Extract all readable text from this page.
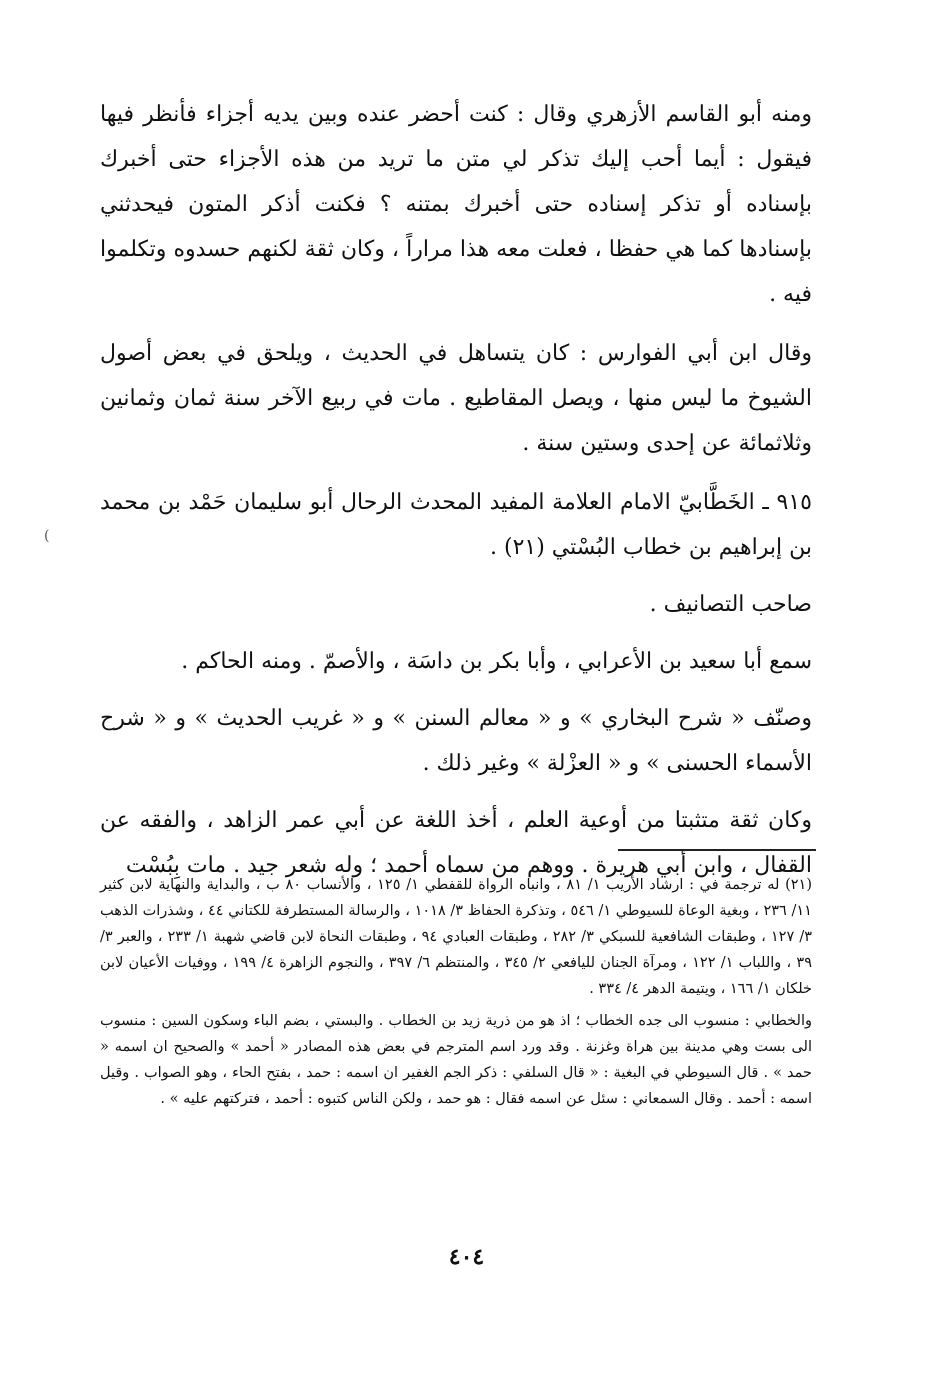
ومنه أبو القاسم الأزهري وقال : كنت أحضر عنده وبين يديه أجزاء فأنظر فيها فيقول : أيما أحب إليك تذكر لي متن ما تريد من هذه الأجزاء حتى أخبرك بإسناده أو تذكر إسناده حتى أخبرك بمتنه ؟ فكنت أذكر المتون فيحدثني بإسنادها كما هي حفظا ، فعلت معه هذا مراراً ، وكان ثقة لكنهم حسدوه وتكلموا فيه .

وقال ابن أبي الفوارس : كان يتساهل في الحديث ، ويلحق في بعض أصول الشيوخ ما ليس منها ، ويصل المقاطيع . مات في ربيع الآخر سنة ثمان وثمانين وثلاثمائة عن إحدى وستين سنة .

٩١٥ ـ الخَطَّابيّ الامام العلامة المفيد المحدث الرحال أبو سليمان حَمْد بن محمد بن إبراهيم بن خطاب البُسْتي (٢١) .

صاحب التصانيف .

سمع أبا سعيد بن الأعرابي ، وأبا بكر بن داسَة ، والأصمّ . ومنه الحاكم .

وصنّف « شرح البخاري » و « معالم السنن » و « غريب الحديث » و « شرح الأسماء الحسنى » و « العزْلة » وغير ذلك .

وكان ثقة متثبتا من أوعية العلم ، أخذ اللغة عن أبي عمر الزاهد ، والفقه عن القفال ، وابن أبي هريرة . ووهم من سماه أحمد ؛ وله شعر جيد . مات بِبُسْت

(

(٢١) له ترجمة في : ارشاد الأريب ١/ ٨١ ، وانباه الرواة للقفطي ١/ ١٢٥ ، والأنساب ٨٠ ب ، والبداية والنهاية لابن كثير ١١/ ٢٣٦ ، وبغية الوعاة للسيوطي ١/ ٥٤٦ ، وتذكرة الحفاظ ٣/ ١٠١٨ ، والرسالة المستطرفة للكتاني ٤٤ ، وشذرات الذهب ٣/ ١٢٧ ، وطبقات الشافعية للسبكي ٣/ ٢٨٢ ، وطبقات العبادي ٩٤ ، وطبقات النحاة لابن قاضي شهبة ١/ ٢٣٣ ، والعبر ٣/ ٣٩ ، واللباب ١/ ١٢٢ ، ومرآة الجنان لليافعي ٢/ ٣٤٥ ، والمنتظم ٦/ ٣٩٧ ، والنجوم الزاهرة ٤/ ١٩٩ ، ووفيات الأعيان لابن خلكان ١/ ١٦٦ ، ويتيمة الدهر ٤/ ٣٣٤ .

والخطابي : منسوب الى جده الخطاب ؛ اذ هو من ذرية زيد بن الخطاب . والبستي ، بضم الباء وسكون السين : منسوب الى بست وهي مدينة بين هراة وغزنة . وقد ورد اسم المترجم في بعض هذه المصادر « أحمد » والصحيح ان اسمه « حمد » . قال السيوطي في البغية : « قال السلفي : ذكر الجم الغفير ان اسمه : حمد ، بفتح الحاء ، وهو الصواب . وقيل اسمه : أحمد . وقال السمعاني : سئل عن اسمه فقال : هو حمد ، ولكن الناس كتبوه : أحمد ، فتركتهم عليه » .

٤٠٤
